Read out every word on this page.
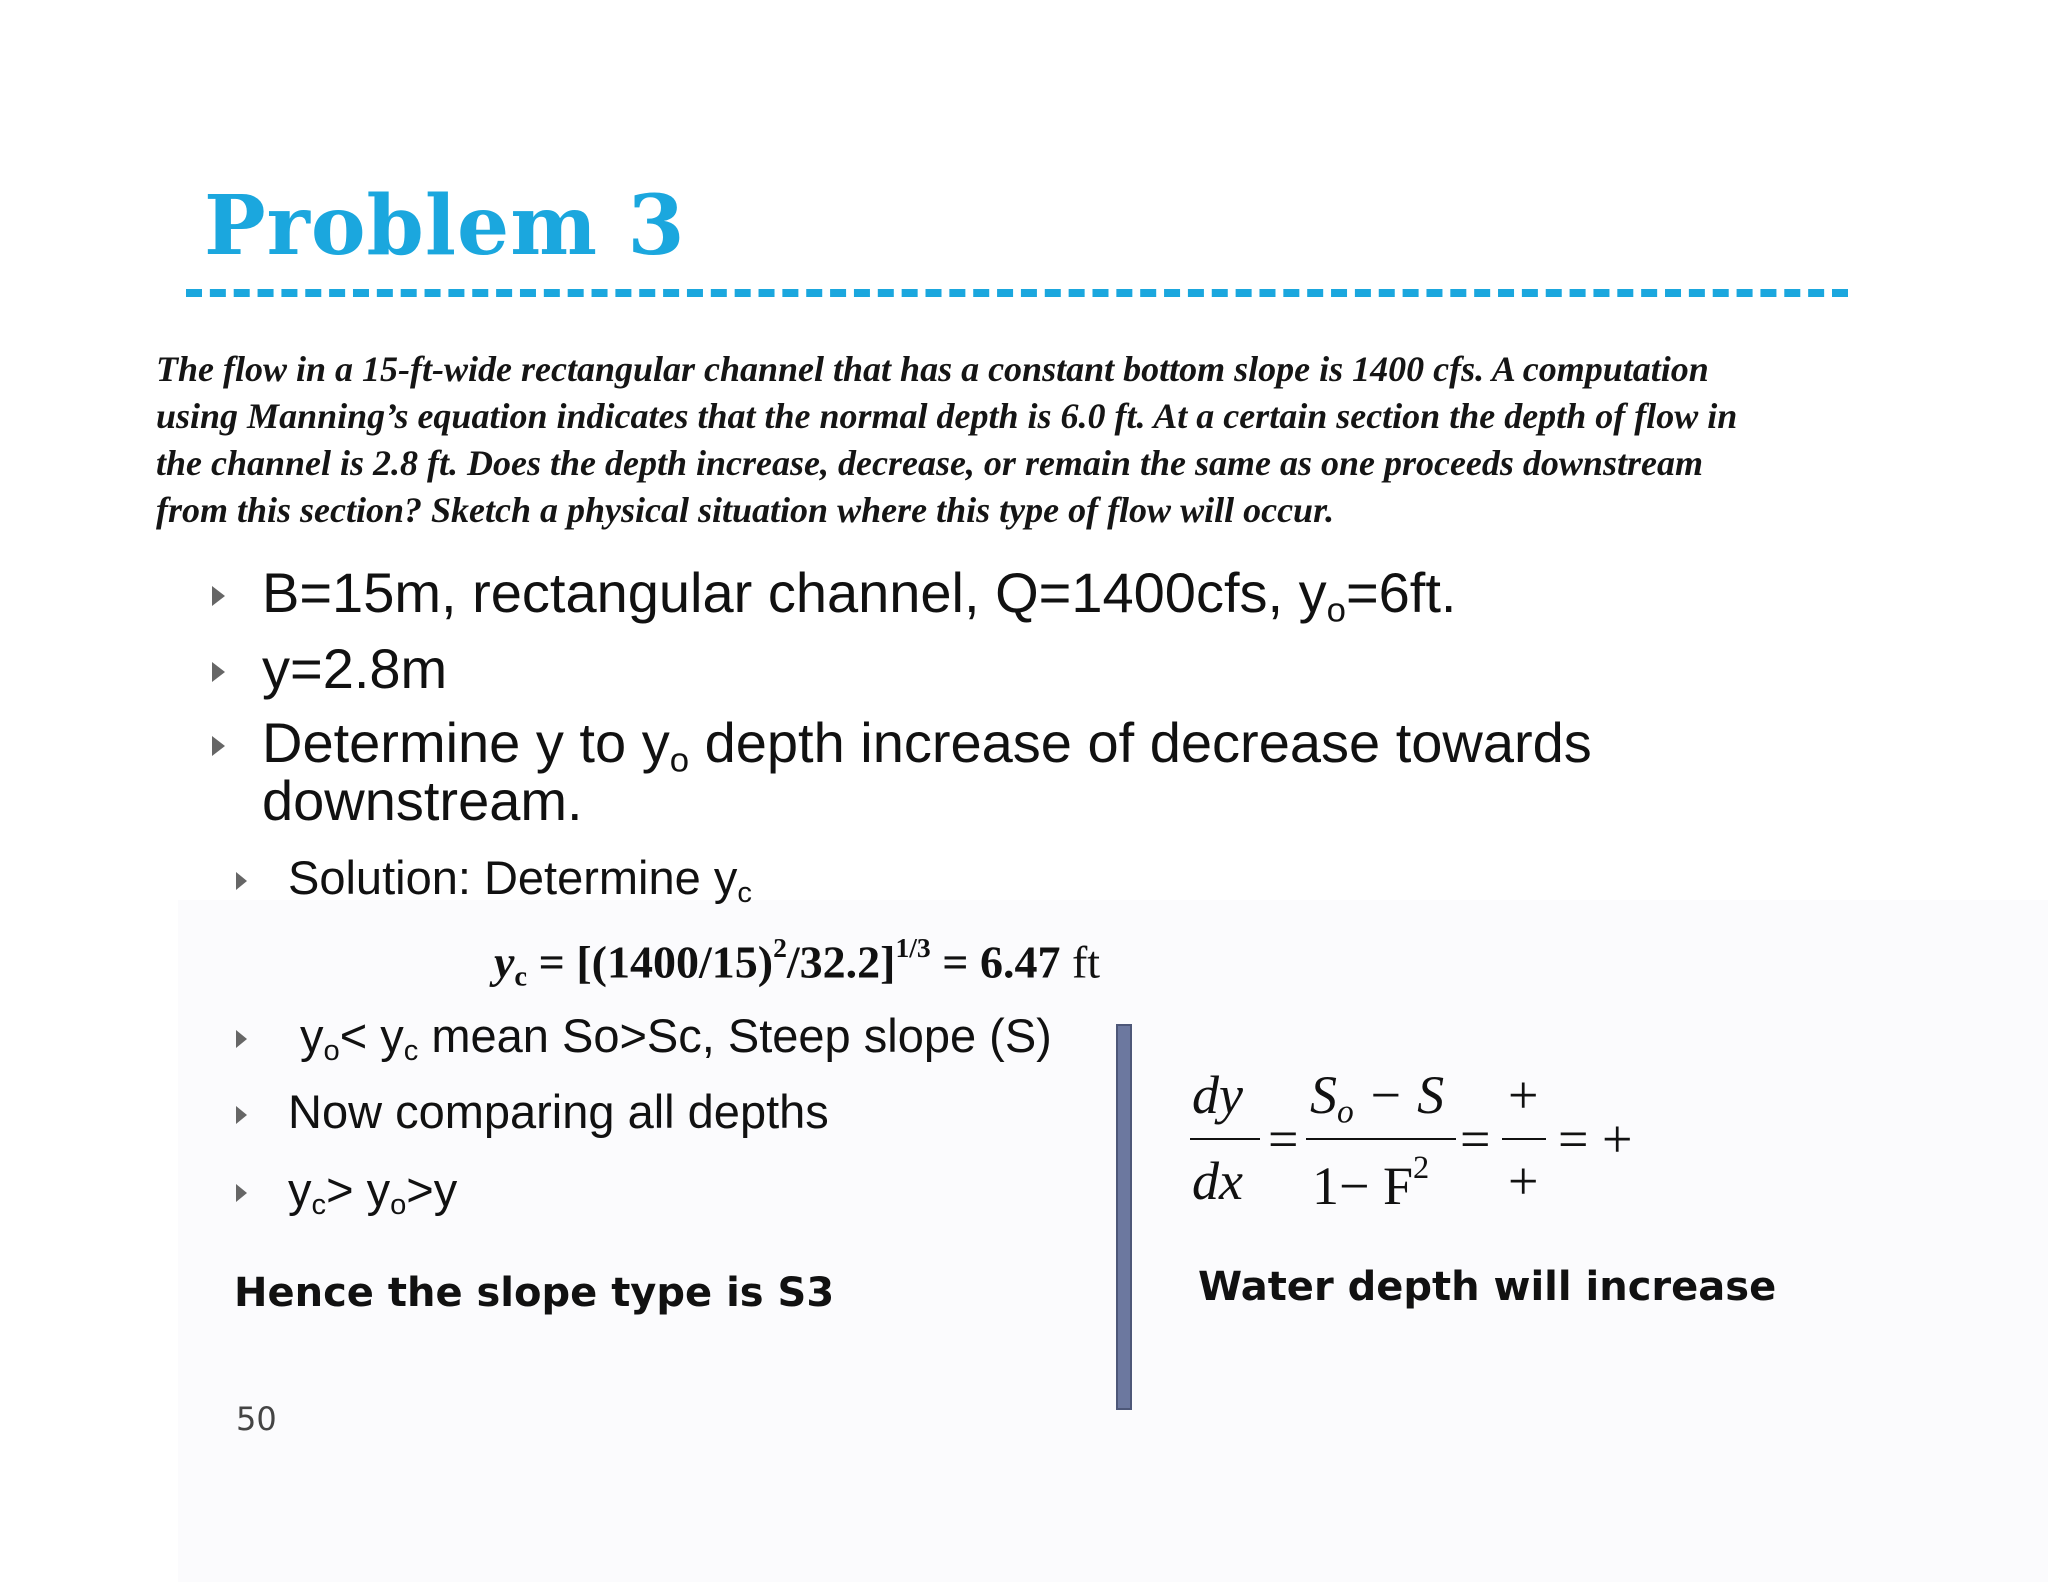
Problem 3
The flow in a 15-ft-wide rectangular channel that has a constant bottom slope is 1400 cfs. A computation
using Manning’s equation indicates that the normal depth is 6.0 ft. At a certain section the depth of flow in
the channel is 2.8 ft. Does the depth increase, decrease, or remain the same as one proceeds downstream
from this section? Sketch a physical situation where this type of flow will occur.
B=15m, rectangular channel, Q=1400cfs, $y_o=6ft$.
y=2.8m
Determine y to $y_o$ depth increase of decrease towards
downstream.
Solution: Determine $y_c$
$y_c = [(1400/15)^2/32.2]^{1/3} = 6.47$ ft
$y_o< y_c$ mean So>Sc, Steep slope (S)
Now comparing all depths
$y_c> y_o>y$
Hence the slope type is S3
dy
dx
=
$S_o - S$
$1- F^2$ =
+
+
= +
Water depth will increase
50
